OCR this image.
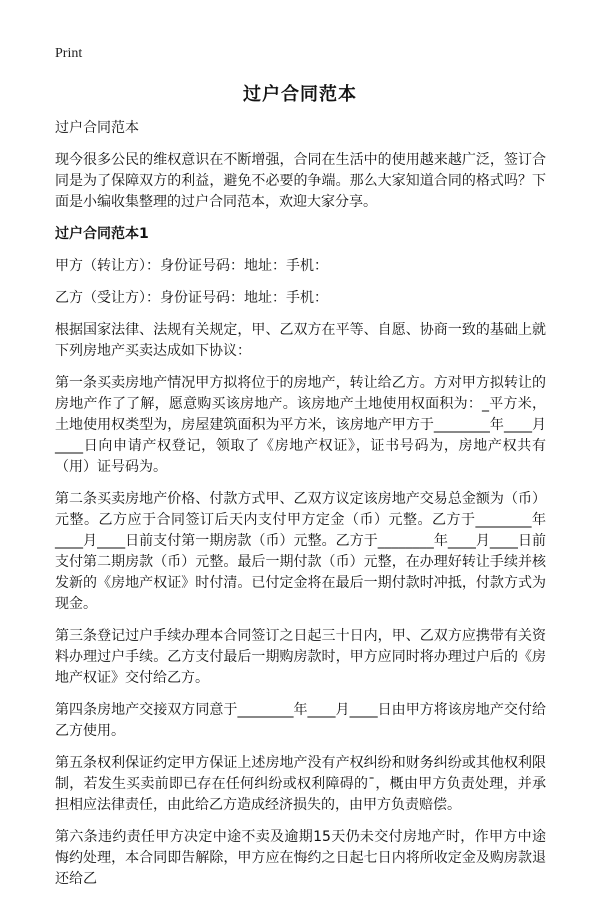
Print
过户合同范本

过户合同范本

现今很多公民的维权意识在不断增强，合同在生活中的使用越来越广泛，签订合同是为了保障双方的利益，避免不必要的争端。那么大家知道合同的格式吗？下面是小编收集整理的过户合同范本，欢迎大家分享。

过户合同范本1

甲方（转让方）：身份证号码：地址：手机：

乙方（受让方）：身份证号码：地址：手机：

根据国家法律、法规有关规定，甲、乙双方在平等、自愿、协商一致的基础上就下列房地产买卖达成如下协议：

第一条买卖房地产情况甲方拟将位于的房地产，转让给乙方。方对甲方拟转让的房地产作了了解，愿意购买该房地产。该房地产土地使用权面积为：_平方米，土地使用权类型为，房屋建筑面积为平方米，该房地产甲方于________年____月____日向申请产权登记，领取了《房地产权证》，证书号码为，房地产权共有（用）证号码为。

第二条买卖房地产价格、付款方式甲、乙双方议定该房地产交易总金额为（币）元整。乙方应于合同签订后天内支付甲方定金（币）元整。乙方于________年____月____日前支付第一期房款（币）元整。乙方于________年____月____日前支付第二期房款（币）元整。最后一期付款（币）元整，在办理好转让手续并核发新的《房地产权证》时付清。已付定金将在最后一期付款时冲抵，付款方式为现金。

第三条登记过户手续办理本合同签订之日起三十日内，甲、乙双方应携带有关资料办理过户手续。乙方支付最后一期购房款时，甲方应同时将办理过户后的《房地产权证》交付给乙方。

第四条房地产交接双方同意于________年____月____日由甲方将该房地产交付给乙方使用。

第五条权利保证约定甲方保证上述房地产没有产权纠纷和财务纠纷或其他权利限制，若发生买卖前即已存在任何纠纷或权利障碍的ˉ，概由甲方负责处理，并承担相应法律责任，由此给乙方造成经济损失的，由甲方负责赔偿。

第六条违约责任甲方决定中途不卖及逾期15天仍未交付房地产时，作甲方中途悔约处理，本合同即告解除，甲方应在悔约之日起七日内将所收定金及购房款退还给乙
